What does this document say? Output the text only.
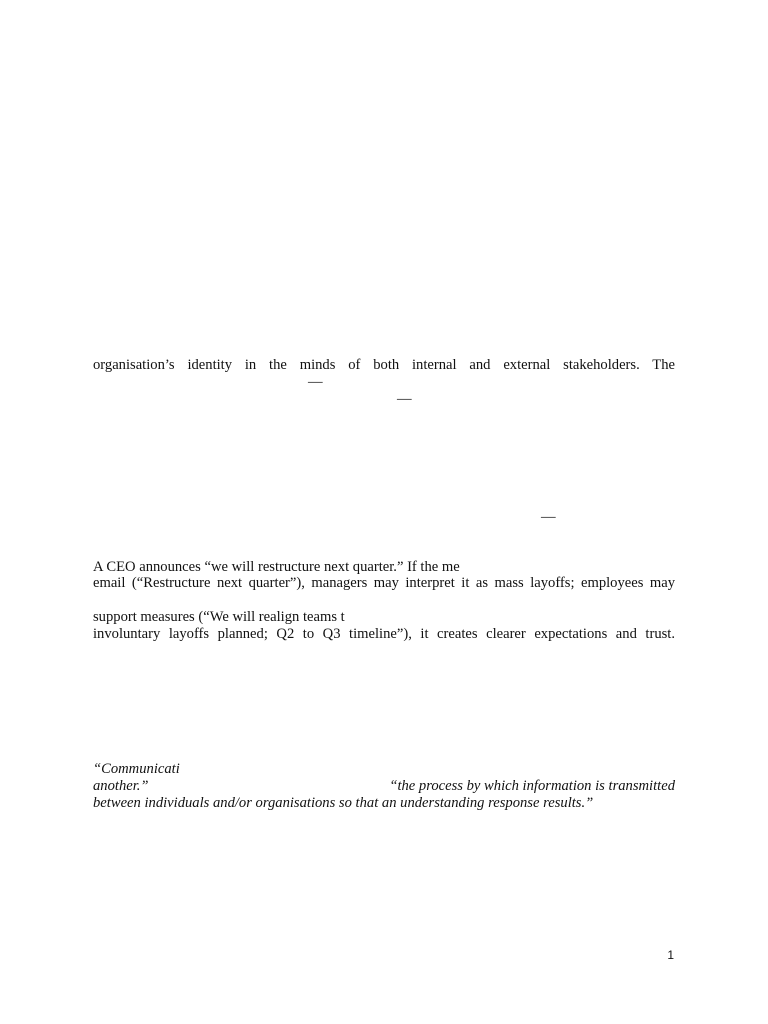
organisation’s identity in the minds of both internal and external stakeholders. The
—
—
—
A CEO announces “we will restructure next quarter.” If the me
email (“Restructure next quarter”), managers may interpret it as mass layoffs; employees may
support measures (“We will realign teams t
involuntary layoffs planned; Q2 to Q3 timeline”), it creates clearer expectations and trust.
“Communicati
another.”	“the process by which information is transmitted
between individuals and/or organisations so that an understanding response results.”
1
